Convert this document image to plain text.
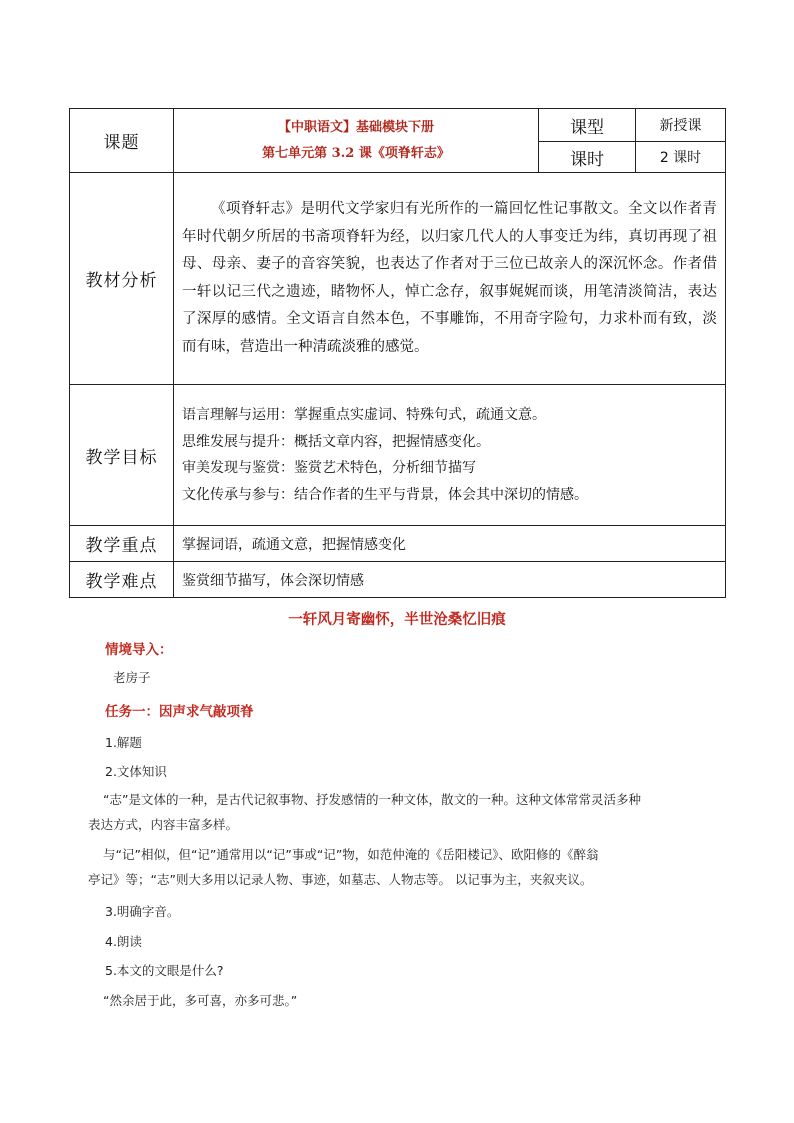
课题	【中职语文】基础模块下册
第七单元第 3.2 课《项脊轩志》	课型	新授课
		课时	2 课时
教材分析	《项脊轩志》是明代文学家归有光所作的一篇回忆性记事散文。全文以作者青年时代朝夕所居的书斋项脊轩为经，以归家几代人的人事变迁为纬，真切再现了祖母、母亲、妻子的音容笑貌，也表达了作者对于三位已故亲人的深沉怀念。作者借一轩以记三代之遗迹，睹物怀人，悼亡念存，叙事娓娓而谈，用笔清淡简洁，表达了深厚的感情。全文语言自然本色，不事雕饰，不用奇字险句，力求朴而有致，淡而有味，营造出一种清疏淡雅的感觉。		
教学目标	语言理解与运用：掌握重点实虚词、特殊句式，疏通文意。
思维发展与提升：概括文章内容，把握情感变化。
审美发现与鉴赏：鉴赏艺术特色，分析细节描写
文化传承与参与：结合作者的生平与背景，体会其中深切的情感。		

教学重点	掌握词语，疏通文意，把握情感变化		
教学难点	鉴赏细节描写，体会深切情感		
一轩风月寄幽怀，半世沧桑忆旧痕
情境导入：
老房子
任务一：因声求气敲项脊
1.解题
2.文体知识
“志”是文体的一种，是古代记叙事物、抒发感情的一种文体，散文的一种。这种文体常常灵活多种
表达方式，内容丰富多样。
与“记”相似，但“记”通常用以“记”事或“记”物，如范仲淹的《岳阳楼记》、欧阳修的《醉翁
亭记》等；“志”则大多用以记录人物、事迹，如墓志、人物志等。 以记事为主，夹叙夹议。
3.明确字音。
4.朗读
5.本文的文眼是什么?
“然余居于此，多可喜，亦多可悲。”
